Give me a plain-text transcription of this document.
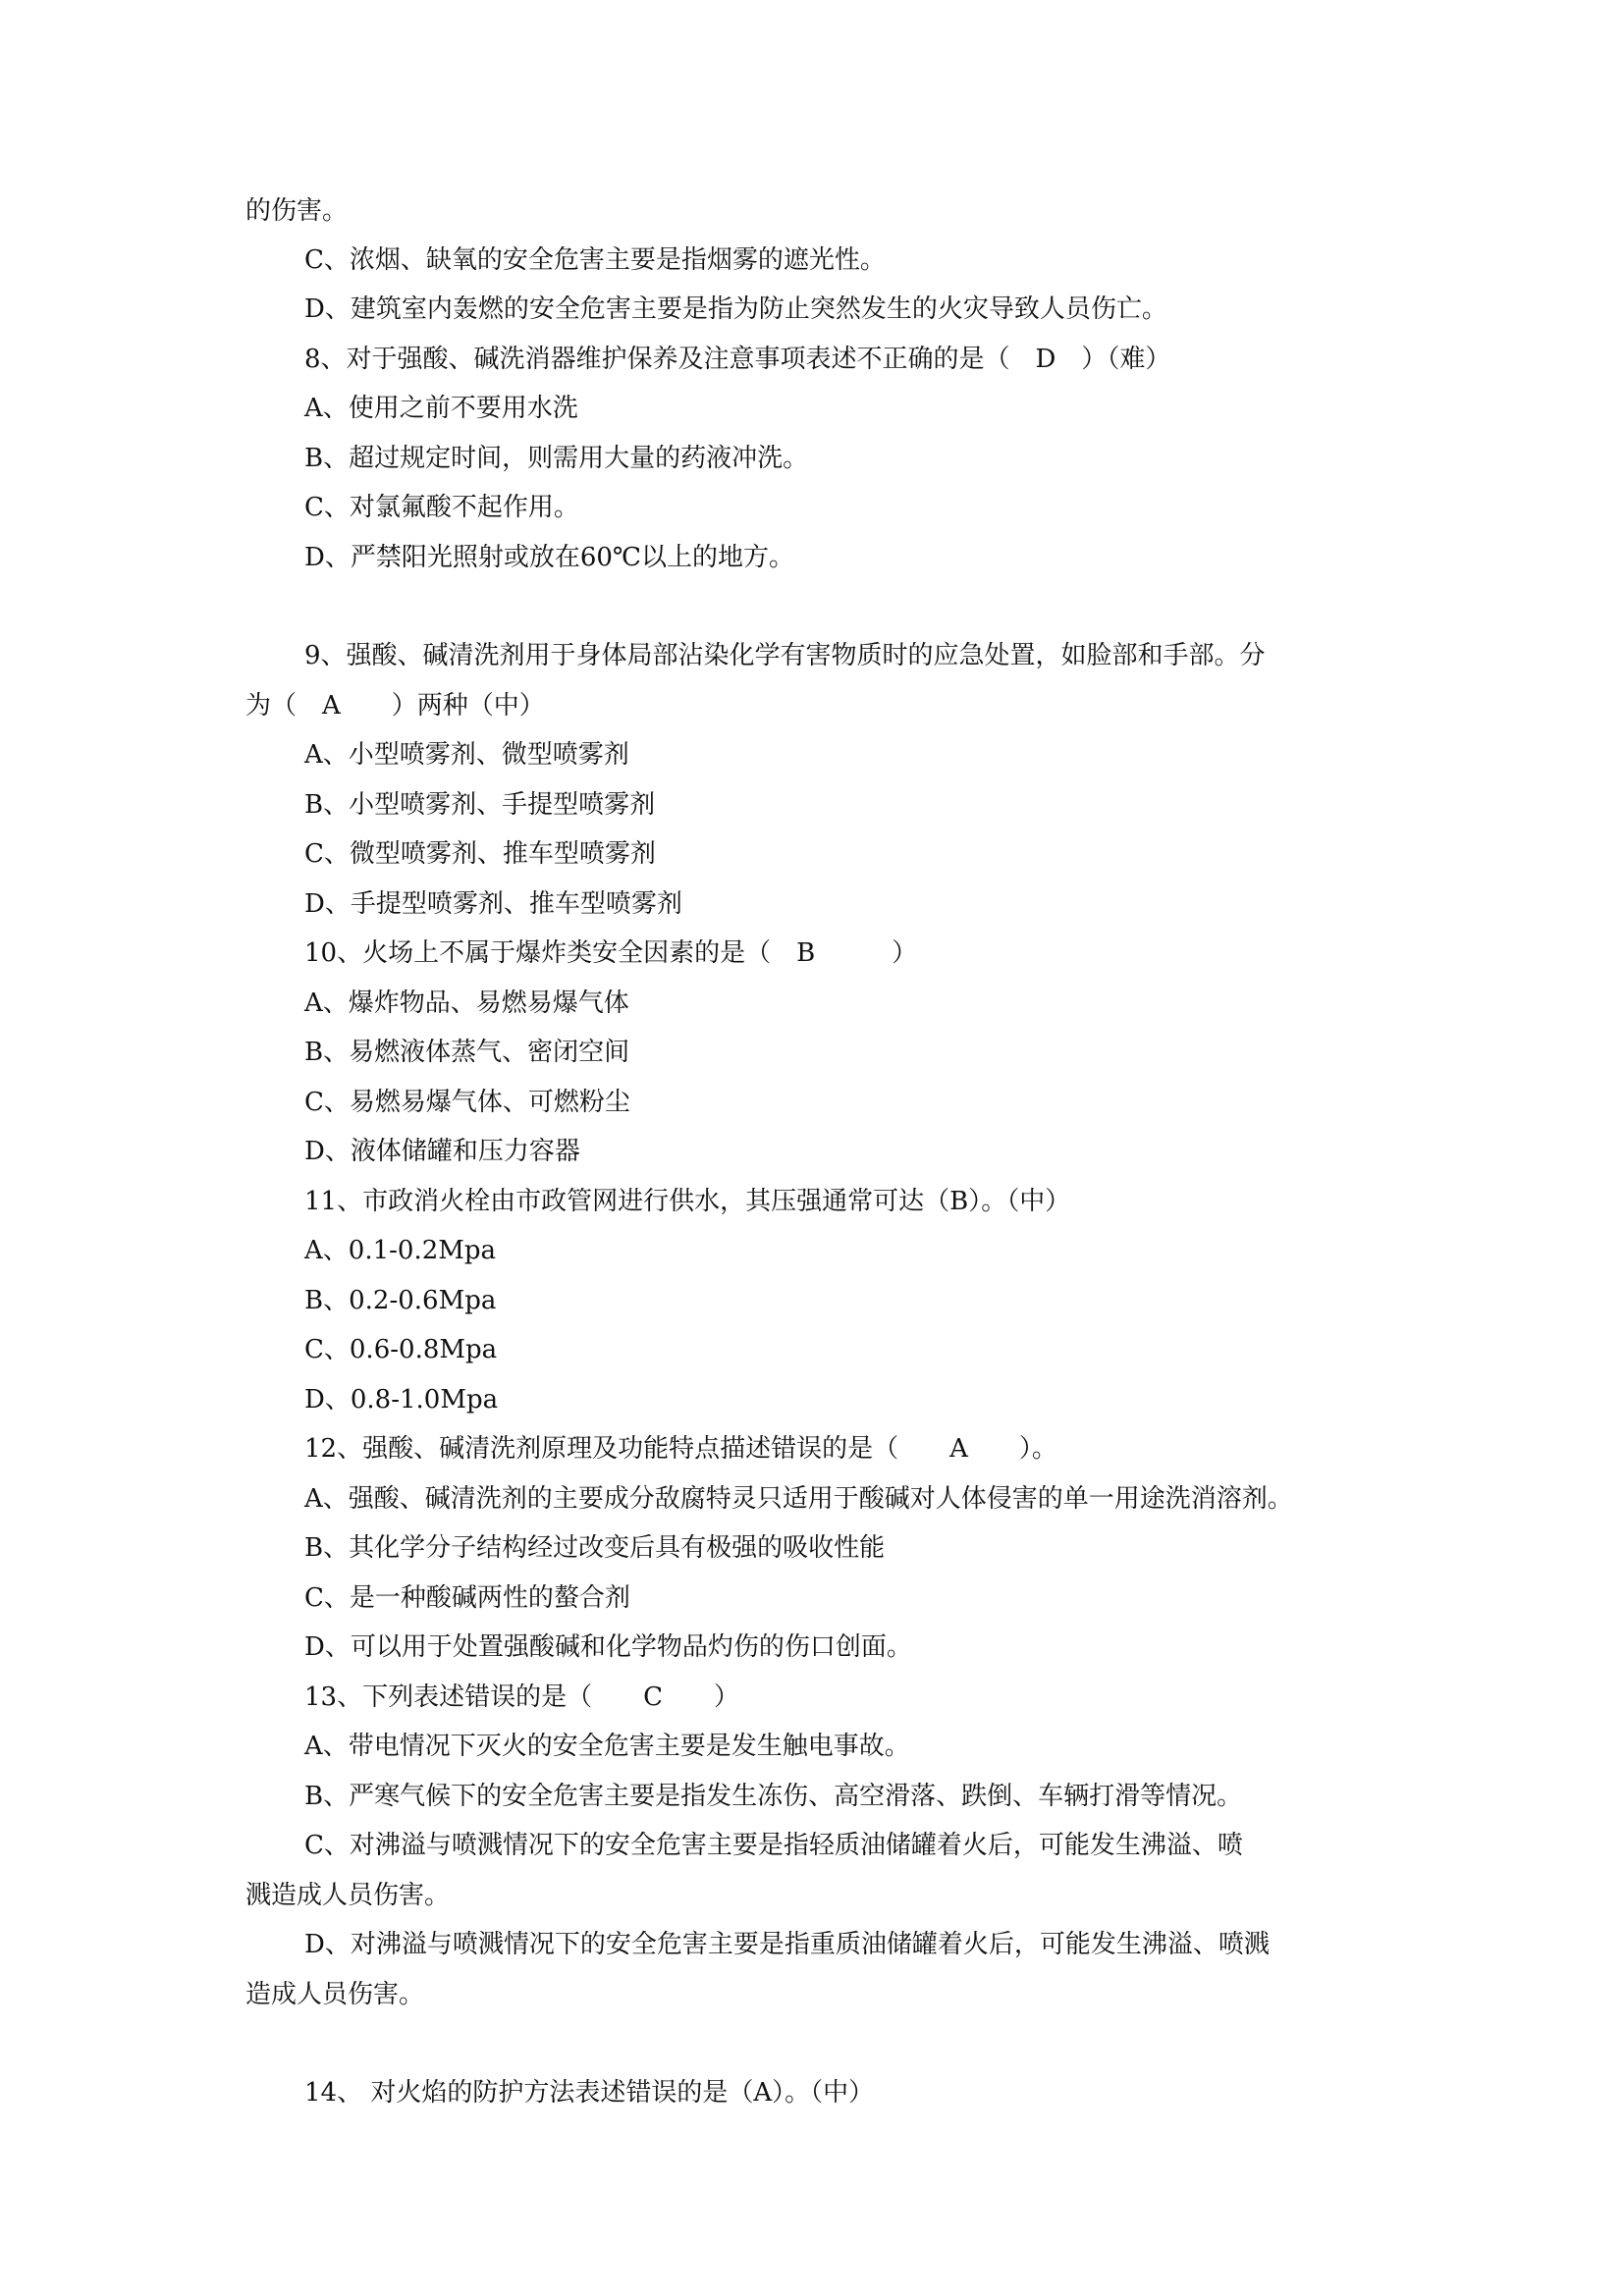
的伤害。
C、浓烟、缺氧的安全危害主要是指烟雾的遮光性。
D、建筑室内轰燃的安全危害主要是指为防止突然发生的火灾导致人员伤亡。
8、对于强酸、碱洗消器维护保养及注意事项表述不正确的是（　D　）（难）
A、使用之前不要用水洗
B、超过规定时间，则需用大量的药液冲洗。
C、对氯氟酸不起作用。
D、严禁阳光照射或放在60℃以上的地方。
9、强酸、碱清洗剂用于身体局部沾染化学有害物质时的应急处置，如脸部和手部。分
为（　A　　）两种（中）
A、小型喷雾剂、微型喷雾剂
B、小型喷雾剂、手提型喷雾剂
C、微型喷雾剂、推车型喷雾剂
D、手提型喷雾剂、推车型喷雾剂
10、火场上不属于爆炸类安全因素的是（　B　　　）
A、爆炸物品、易燃易爆气体
B、易燃液体蒸气、密闭空间
C、易燃易爆气体、可燃粉尘
D、液体储罐和压力容器
11、市政消火栓由市政管网进行供水，其压强通常可达（B）。（中）
A、0.1-0.2Mpa
B、0.2-0.6Mpa
C、0.6-0.8Mpa
D、0.8-1.0Mpa
12、强酸、碱清洗剂原理及功能特点描述错误的是（　　A　　）。
A、强酸、碱清洗剂的主要成分敌腐特灵只适用于酸碱对人体侵害的单一用途洗消溶剂。
B、其化学分子结构经过改变后具有极强的吸收性能
C、是一种酸碱两性的螯合剂
D、可以用于处置强酸碱和化学物品灼伤的伤口创面。
13、下列表述错误的是（　　C　　）
A、带电情况下灭火的安全危害主要是发生触电事故。
B、严寒气候下的安全危害主要是指发生冻伤、高空滑落、跌倒、车辆打滑等情况。
C、对沸溢与喷溅情况下的安全危害主要是指轻质油储罐着火后，可能发生沸溢、喷
溅造成人员伤害。
D、对沸溢与喷溅情况下的安全危害主要是指重质油储罐着火后，可能发生沸溢、喷溅
造成人员伤害。
14、 对火焰的防护方法表述错误的是（A）。（中）
